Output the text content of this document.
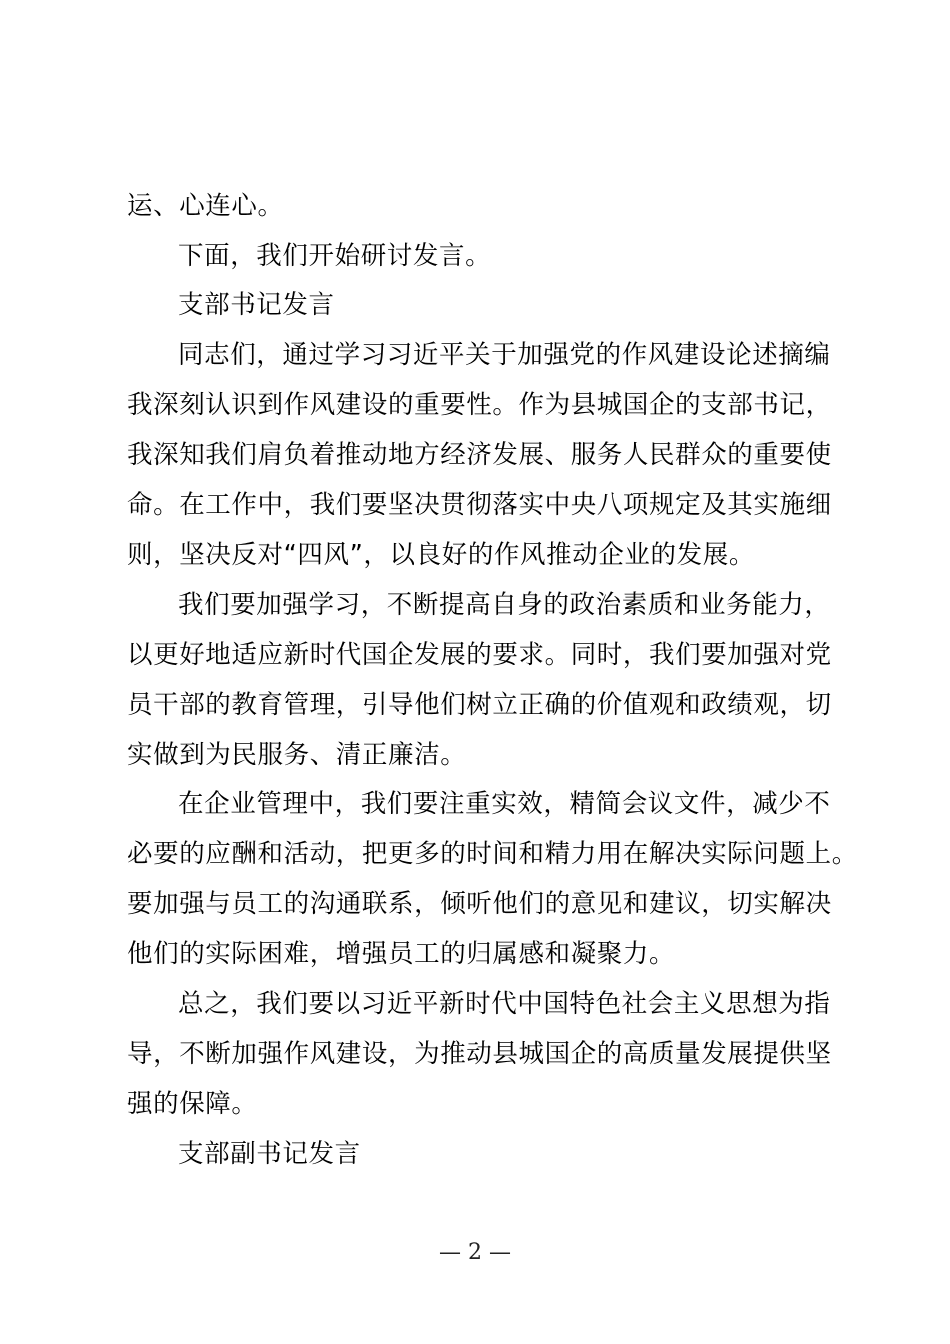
运、心连心。
下面，我们开始研讨发言。
支部书记发言
同志们，通过学习习近平关于加强党的作风建设论述摘编
我深刻认识到作风建设的重要性。作为县城国企的支部书记，
我深知我们肩负着推动地方经济发展、服务人民群众的重要使
命。在工作中，我们要坚决贯彻落实中央八项规定及其实施细
则，坚决反对“四风”，以良好的作风推动企业的发展。
我们要加强学习，不断提高自身的政治素质和业务能力，
以更好地适应新时代国企发展的要求。同时，我们要加强对党
员干部的教育管理，引导他们树立正确的价值观和政绩观，切
实做到为民服务、清正廉洁。
在企业管理中，我们要注重实效，精简会议文件，减少不
必要的应酬和活动，把更多的时间和精力用在解决实际问题上。
要加强与员工的沟通联系，倾听他们的意见和建议，切实解决
他们的实际困难，增强员工的归属感和凝聚力。
总之，我们要以习近平新时代中国特色社会主义思想为指
导，不断加强作风建设，为推动县城国企的高质量发展提供坚
强的保障。
支部副书记发言
— 2 —
